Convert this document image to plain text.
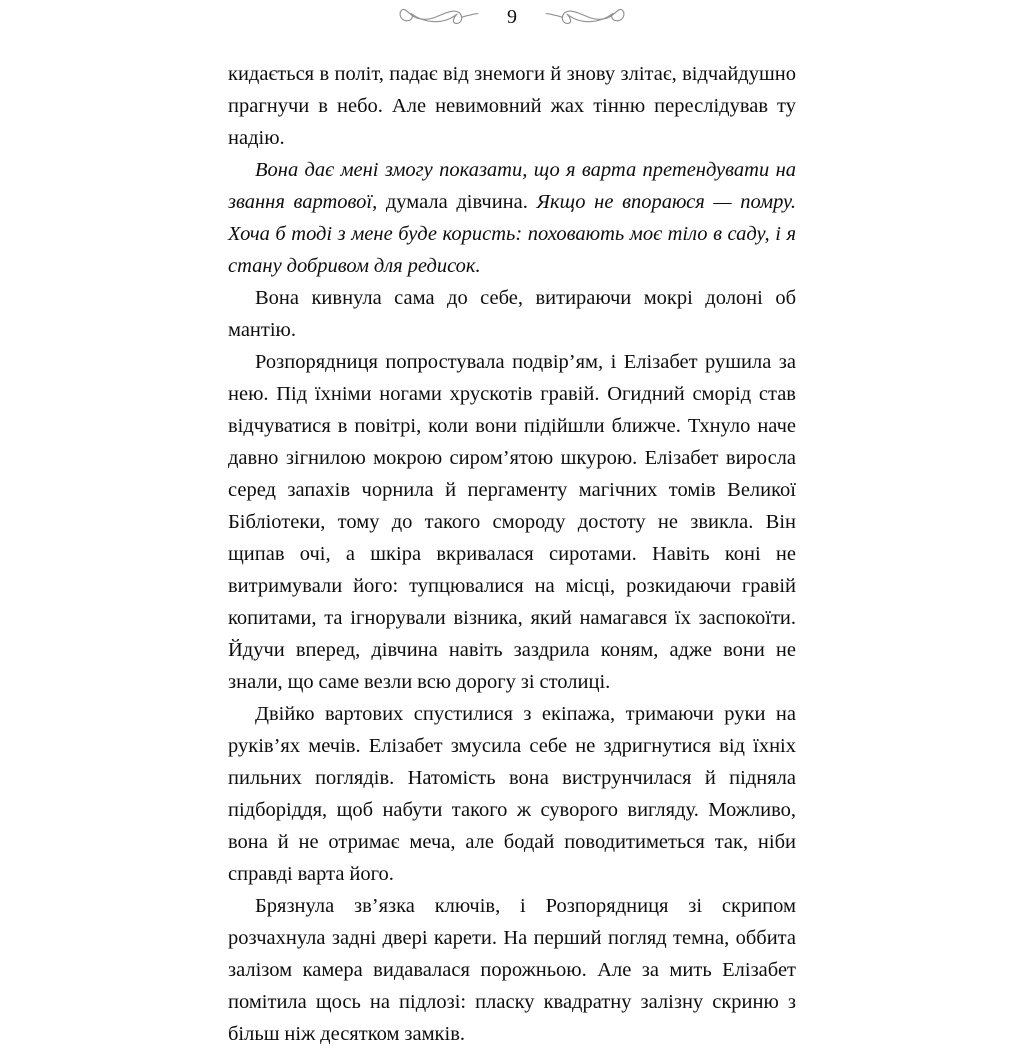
9

кидається в політ, падає від знемоги й знову злітає, відчайдушно прагнучи в небо. Але невимовний жах тінню переслідував ту надію.

Вона дає мені змогу показати, що я варта претендувати на звання вартової, думала дівчина. Якщо не впораюся — помру. Хоча б тоді з мене буде користь: поховають моє тіло в саду, і я стану добривом для редисок.

Вона кивнула сама до себе, витираючи мокрі долоні об мантію.

Розпорядниця попростувала подвір’ям, і Елізабет рушила за нею. Під їхніми ногами хрускотів гравій. Огидний сморід став відчуватися в повітрі, коли вони підійшли ближче. Тхнуло наче давно зігнилою мокрою сиром’ятою шкурою. Елізабет виросла серед запахів чорнила й пергаменту магічних томів Великої Бібліотеки, тому до такого смороду достоту не звикла. Він щипав очі, а шкіра вкривалася сиротами. Навіть коні не витримували його: тупцювалися на місці, розкидаючи гравій копитами, та ігнорували візника, який намагався їх заспокоїти. Йдучи вперед, дівчина навіть заздрила коням, адже вони не знали, що саме везли всю дорогу зі столиці.

Двійко вартових спустилися з екіпажа, тримаючи руки на руків’ях мечів. Елізабет змусила себе не здригнутися від їхніх пильних поглядів. Натомість вона виструнчилася й підняла підборіддя, щоб набути такого ж суворого вигляду. Можливо, вона й не отримає меча, але бодай поводитиметься так, ніби справді варта його.

Брязнула зв’язка ключів, і Розпорядниця зі скрипом розчахнула задні двері карети. На перший погляд темна, оббита залізом камера видавалася порожньою. Але за мить Елізабет помітила щось на підлозі: пласку квадратну залізну скриню з більш ніж десятком замків.
